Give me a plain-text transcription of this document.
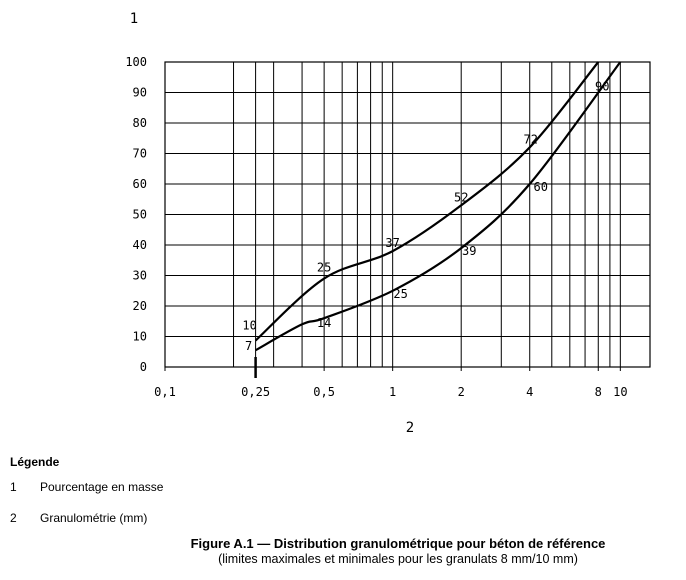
0
10
20
30
40
50
60
70
80
90
100
0,1	0,25	0,5	1	2	4	8 10
10
25
37
52
72
7
14
25
39
60
90
1
2
Légende
1	Pourcentage en masse
2	Granulométrie (mm)
Figure A.1 — Distribution granulométrique pour béton de référence
(limites maximales et minimales pour les granulats 8 mm/10 mm)
